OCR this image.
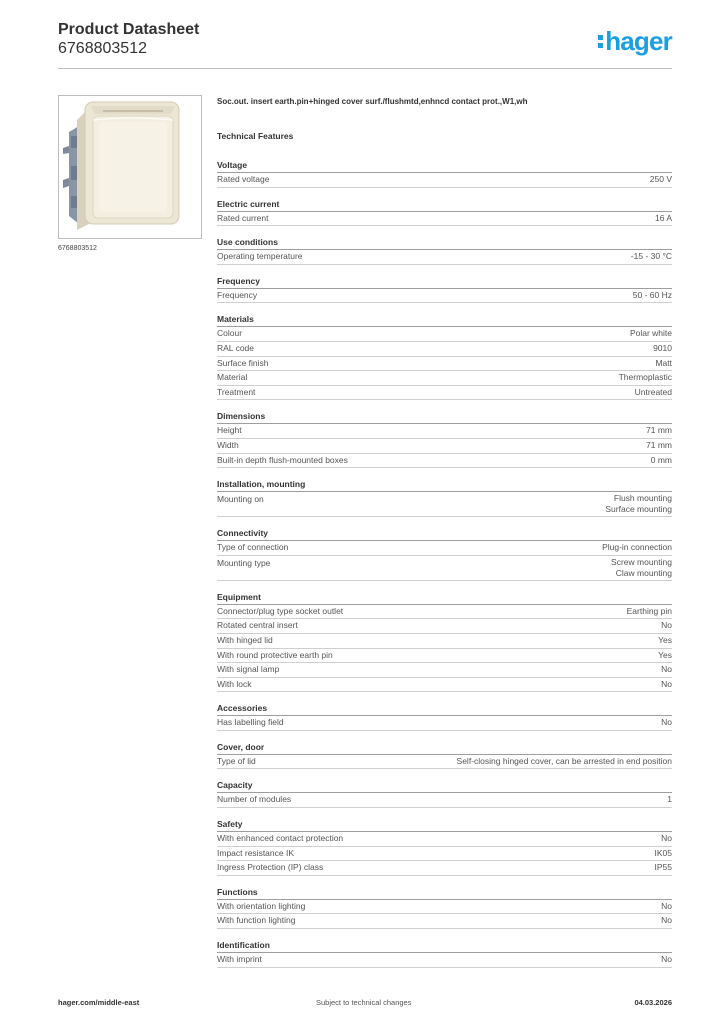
Product Datasheet
6768803512	hager
6768803512
Soc.out. insert earth.pin+hinged cover surf./flushmtd,enhncd contact prot.,W1,wh
Technical Features
Voltage
Rated voltage	250 V
Electric current
Rated current	16 A
Use conditions
Operating temperature	-15 - 30 °C
Frequency
Frequency	50 - 60 Hz
Materials
Colour	Polar white
RAL code	9010
Surface finish	Matt
Material	Thermoplastic
Treatment	Untreated
Dimensions
Height	71 mm
Width	71 mm
Built-in depth flush-mounted boxes	0 mm
Installation, mounting
Mounting on	Flush mounting
Surface mounting
Connectivity
Type of connection	Plug-in connection
Mounting type	Screw mounting
Claw mounting
Equipment
Connector/plug type socket outlet	Earthing pin
Rotated central insert	No
With hinged lid	Yes
With round protective earth pin	Yes
With signal lamp	No
With lock	No
Accessories
Has labelling field	No
Cover, door
Type of lid	Self-closing hinged cover, can be arrested in end position
Capacity
Number of modules	1
Safety
With enhanced contact protection	No
Impact resistance IK	IK05
Ingress Protection (IP) class	IP55
Functions
With orientation lighting	No
With function lighting	No
Identification
With imprint	No
hager.com/middle-east	Subject to technical changes	04.03.2026
